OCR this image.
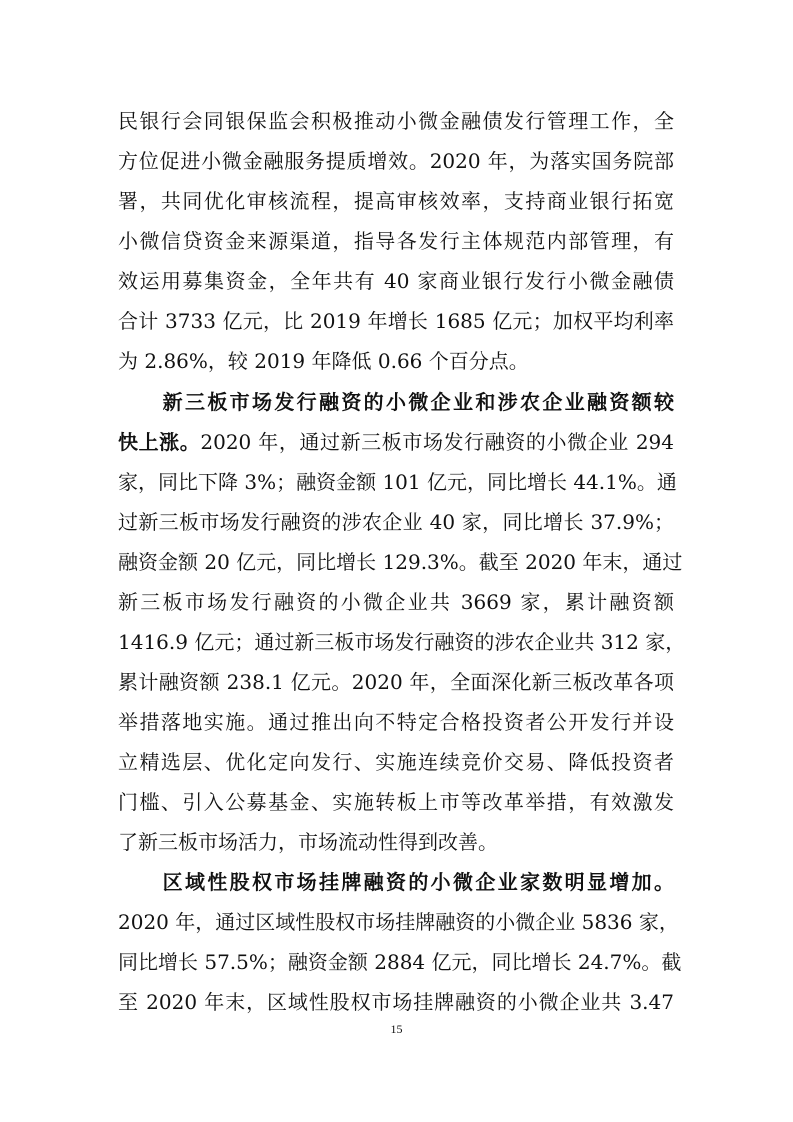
民银行会同银保监会积极推动小微金融债发行管理工作，全
方位促进小微金融服务提质增效。2020 年，为落实国务院部
署，共同优化审核流程，提高审核效率，支持商业银行拓宽
小微信贷资金来源渠道，指导各发行主体规范内部管理，有
效运用募集资金，全年共有 40 家商业银行发行小微金融债
合计 3733 亿元，比 2019 年增长 1685 亿元；加权平均利率
为 2.86%，较 2019 年降低 0.66 个百分点。
　　新三板市场发行融资的小微企业和涉农企业融资额较
快上涨。2020 年，通过新三板市场发行融资的小微企业 294
家，同比下降 3%；融资金额 101 亿元，同比增长 44.1%。通
过新三板市场发行融资的涉农企业 40 家，同比增长 37.9%；
融资金额 20 亿元，同比增长 129.3%。截至 2020 年末，通过
新三板市场发行融资的小微企业共 3669 家，累计融资额
1416.9 亿元；通过新三板市场发行融资的涉农企业共 312 家，
累计融资额 238.1 亿元。2020 年，全面深化新三板改革各项
举措落地实施。通过推出向不特定合格投资者公开发行并设
立精选层、优化定向发行、实施连续竞价交易、降低投资者
门槛、引入公募基金、实施转板上市等改革举措，有效激发
了新三板市场活力，市场流动性得到改善。
　　区域性股权市场挂牌融资的小微企业家数明显增加。
2020 年，通过区域性股权市场挂牌融资的小微企业 5836 家，
同比增长 57.5%；融资金额 2884 亿元，同比增长 24.7%。截
至 2020 年末，区域性股权市场挂牌融资的小微企业共 3.47
15
